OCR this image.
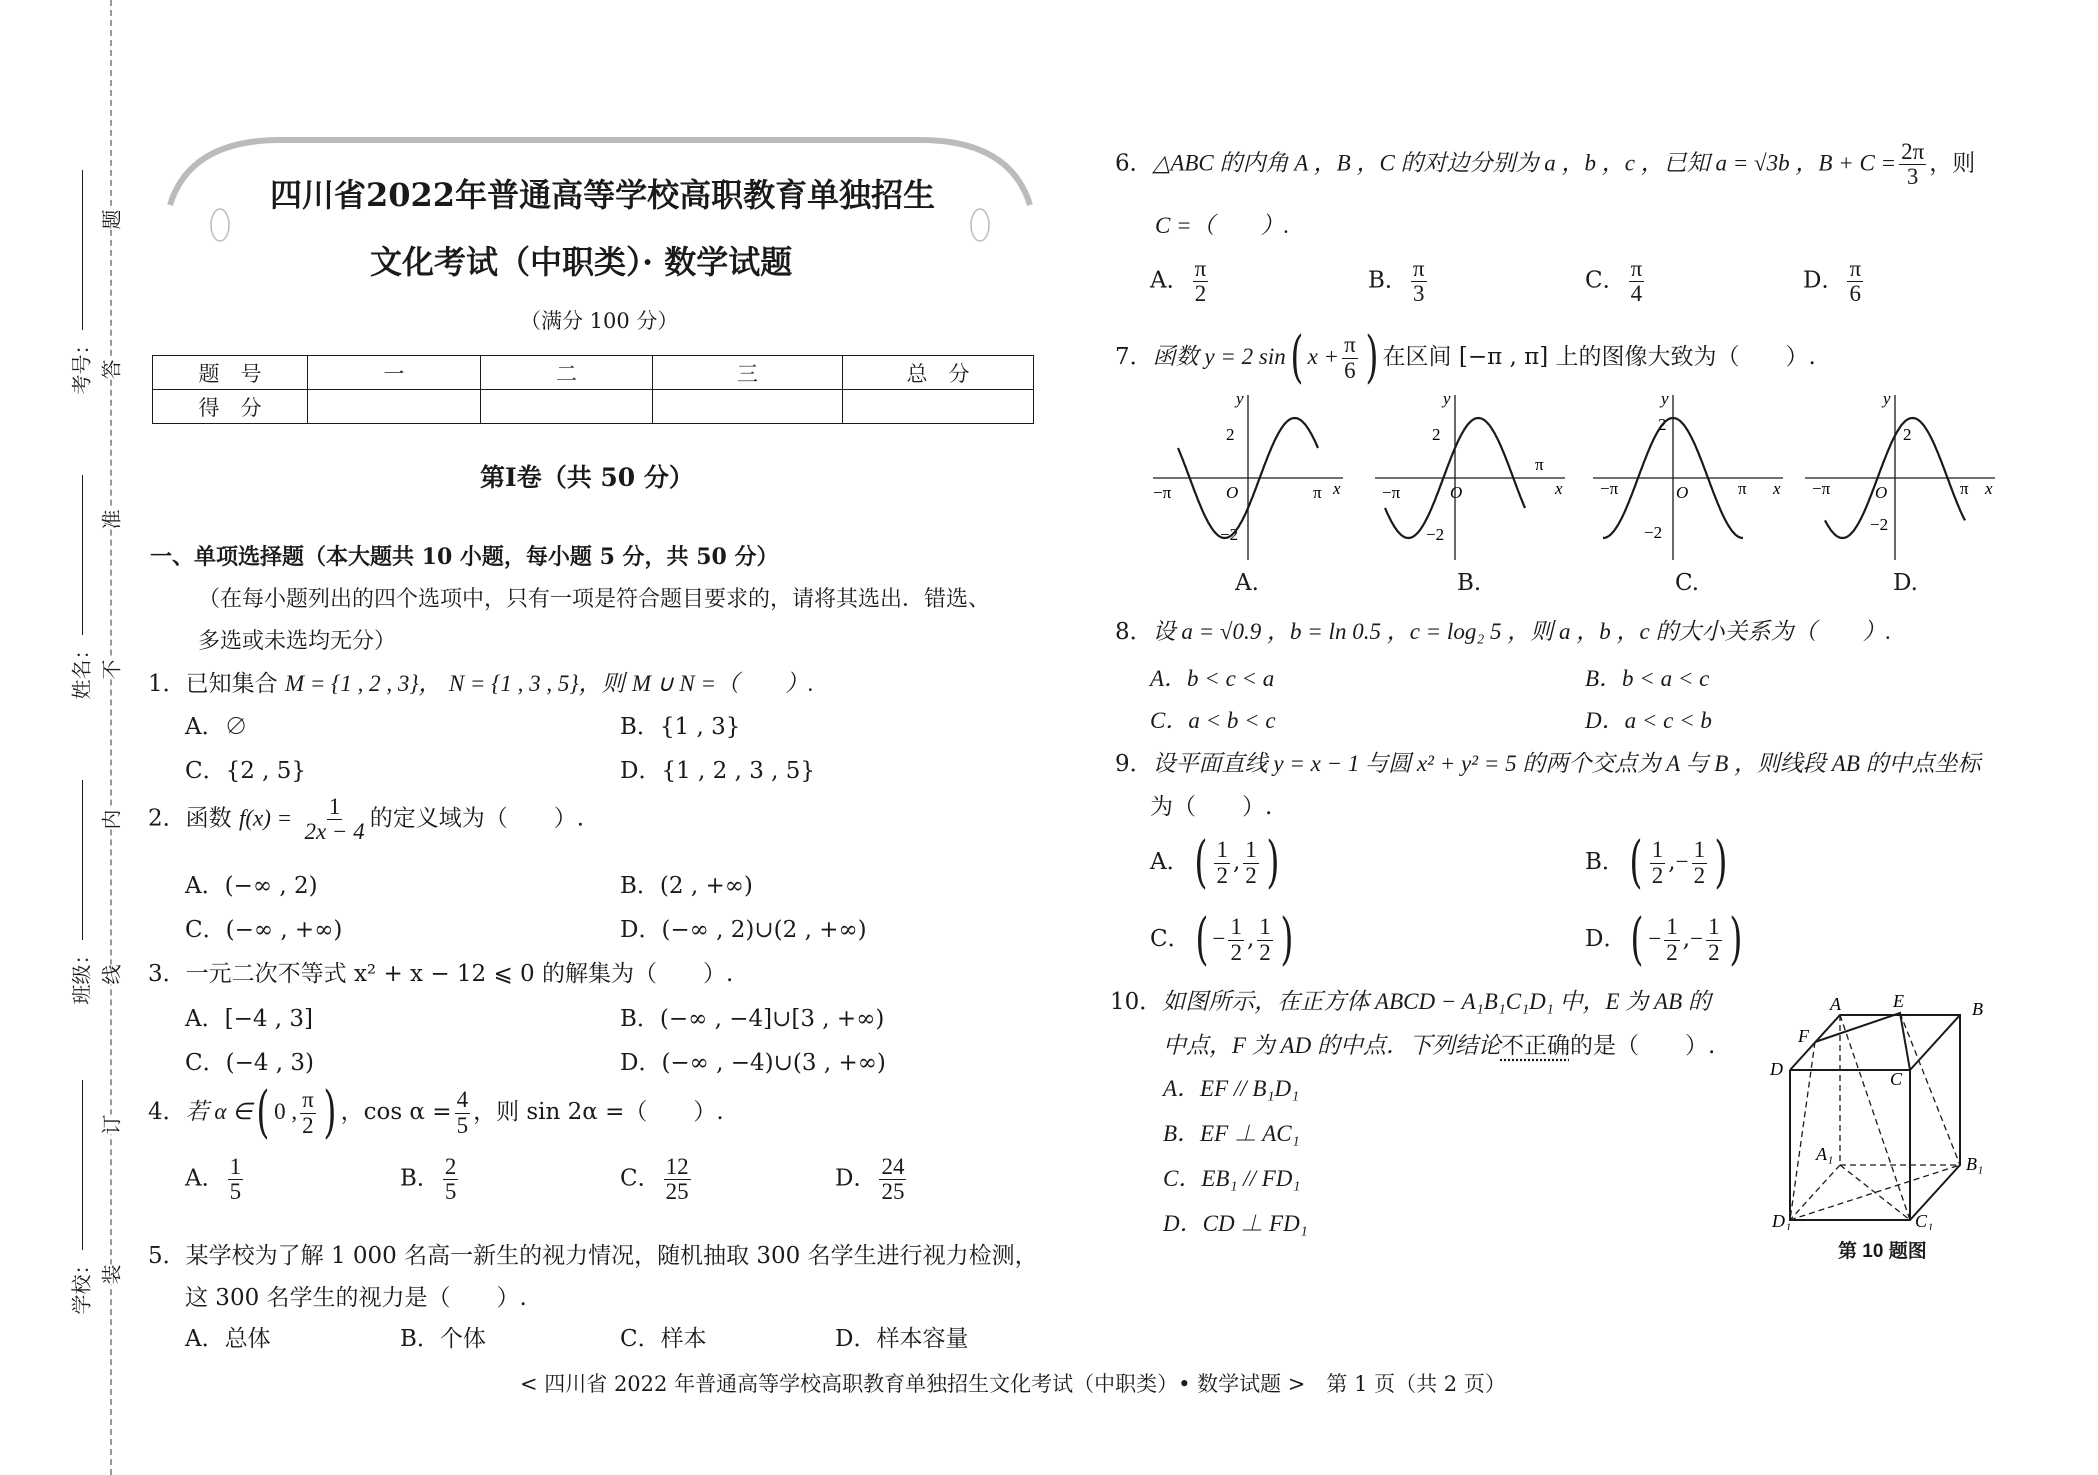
题
答
准
不
内
线
订
装
考号：
姓名：
班级：
学校：
四川省2022年普通高等学校高职教育单独招生
文化考试（中职类）· 数学试题
（满分 100 分）
题　号	一	二	三	总　分
得　分				
第Ⅰ卷（共 50 分）
一、单项选择题（本大题共 10 小题，每小题 5 分，共 50 分）
（在每小题列出的四个选项中，只有一项是符合题目要求的，请将其选出．错选、
多选或未选均无分）
1．已知集合 M = {1 , 2 , 3}， N = {1 , 3 , 5}，则 M ∪ N =（　　）.
A．∅	B．{1 , 3}
C．{2 , 5}	D．{1 , 2 , 3 , 5}
2．函数 $f(x) = \frac{1}{2x - 4}$ 的定义域为（　　）.
A．(−∞ , 2)	B．(2 , +∞)
C．(−∞ , +∞)	D．(−∞ , 2)∪(2 , +∞)
3．一元二次不等式 x² + x − 12 ⩽ 0 的解集为（　　）.
A．[−4 , 3]	B．(−∞ , −4]∪[3 , +∞)
C．(−4 , 3)	D．(−∞ , −4)∪(3 , +∞)
4．若 α ∈( 0 , $\frac{\pi}{2}$ ) ，$\cos \alpha = \frac{4}{5}$ ，则 sin 2α =（　　）.
A． $\frac{1}{5}$	B． $\frac{2}{5}$	C． $\frac{12}{25}$	D． $\frac{24}{25}$
5．某学校为了解 1 000 名高一新生的视力情况，随机抽取 300 名学生进行视力检测，
这 300 名学生的视力是（　　）.
A．总体	B．个体	C．样本	D．样本容量
6．△ABC 的内角 A ，B ，C 的对边分别为 a ，b ，c ，已知 a = √3b ，$B + C = \frac{2\pi}{3}$ ，则
C =（　　）.
A． $\frac{\pi}{2}$	B． $\frac{\pi}{3}$	C． $\frac{\pi}{4}$	D． $\frac{\pi}{6}$
7．函数 y = 2 sin( $x + \frac{\pi}{6}$ ) 在区间 [−π , π] 上的图像大致为（　　）.
y
x
O
2
−2
−π	π
y
x
O
2
−2
−π
π
y
x
O
2
−2
−π	π
y
x
O
2
−2
−π	π
A.	B.	C.	D.
8．设 a = √0.9 ，b = ln 0.5 ，c = log₂ 5 ，则 a ，b ，c 的大小关系为（　　）.
A．b < c < a	B．b < a < c
C．a < b < c	D．a < c < b
9．设平面直线 y = x − 1 与圆 x² + y² = 5 的两个交点为 A 与 B ，则线段 AB 的中点坐标
为（　　）.
A．( $\frac{1}{2}$ , $\frac{1}{2}$ )	B．( $\frac{1}{2}$ ,− $\frac{1}{2}$ )
C．( − $\frac{1}{2}$ , $\frac{1}{2}$ )	D．( − $\frac{1}{2}$ ,− $\frac{1}{2}$ )
10．如图所示，在正方体 ABCD − A₁B₁C₁D₁ 中，E 为 AB 的
中点，F 为 AD 的中点．下列结论不正确的是（　　）.
A．EF // B₁D₁
B．EF ⊥ AC₁
C．EB₁ // FD₁
D．CD ⊥ FD₁
A	E	B
F
D	C
A₁	B₁
D₁	C₁
第 10 题图
< 四川省 2022 年普通高等学校高职教育单独招生文化考试（中职类）• 数学试题 >　第 1 页（共 2 页）
